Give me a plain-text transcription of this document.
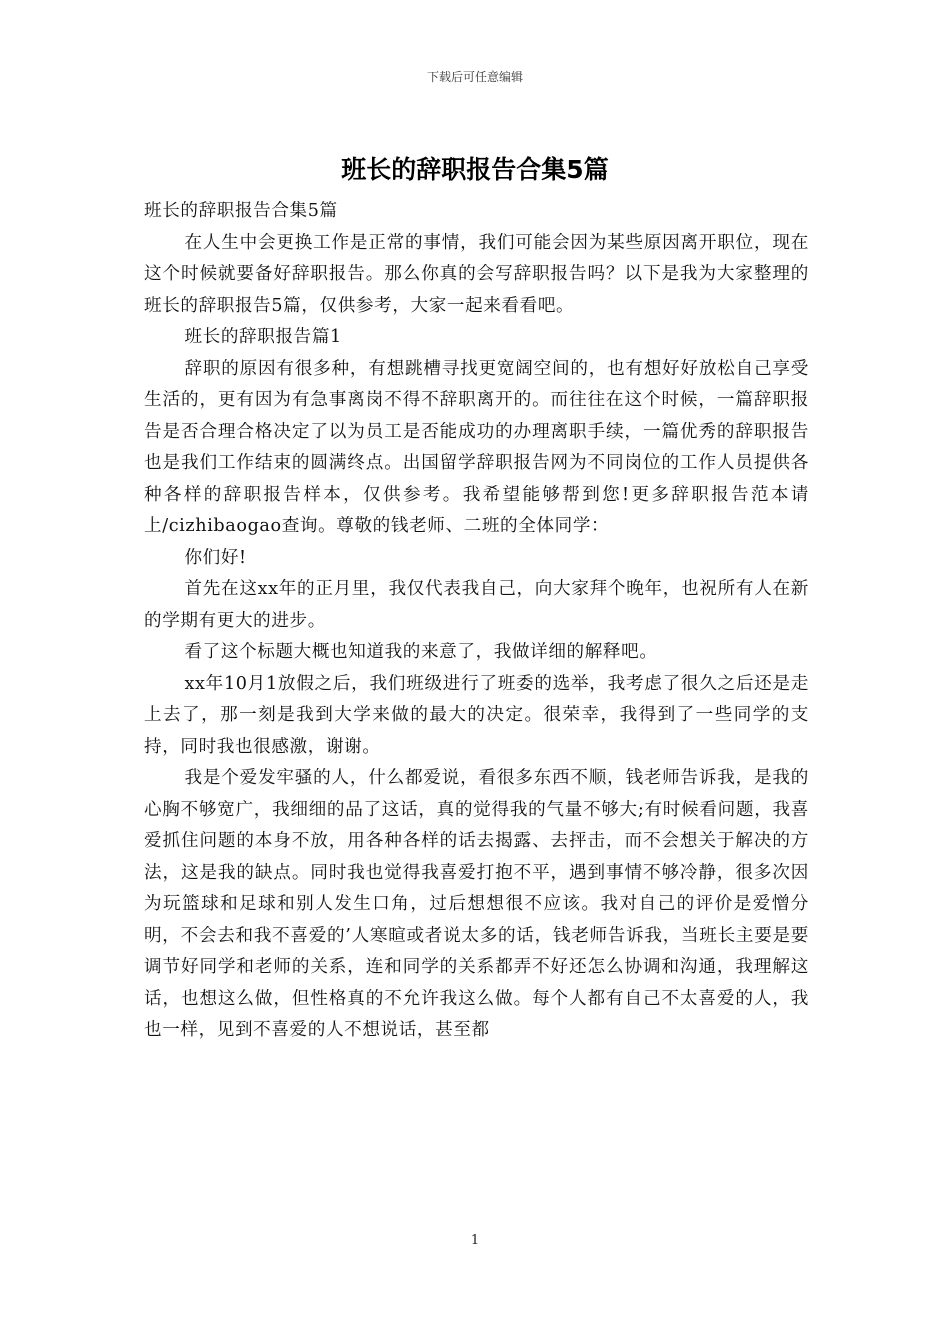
下载后可任意编辑
班长的辞职报告合集5篇

班长的辞职报告合集5篇

在人生中会更换工作是正常的事情，我们可能会因为某些原因离开职位，现在这个时候就要备好辞职报告。那么你真的会写辞职报告吗？以下是我为大家整理的班长的辞职报告5篇，仅供参考，大家一起来看看吧。

班长的辞职报告篇1

辞职的原因有很多种，有想跳槽寻找更宽阔空间的，也有想好好放松自己享受生活的，更有因为有急事离岗不得不辞职离开的。而往往在这个时候，一篇辞职报告是否合理合格决定了以为员工是否能成功的办理离职手续，一篇优秀的辞职报告也是我们工作结束的圆满终点。出国留学辞职报告网为不同岗位的工作人员提供各种各样的辞职报告样本，仅供参考。我希望能够帮到您!更多辞职报告范本请上/cizhibaogao查询。尊敬的钱老师、二班的全体同学：

你们好!

首先在这xx年的正月里，我仅代表我自己，向大家拜个晚年，也祝所有人在新的学期有更大的进步。

看了这个标题大概也知道我的来意了，我做详细的解释吧。

xx年10月1放假之后，我们班级进行了班委的选举，我考虑了很久之后还是走上去了，那一刻是我到大学来做的最大的决定。很荣幸，我得到了一些同学的支持，同时我也很感激，谢谢。

我是个爱发牢骚的人，什么都爱说，看很多东西不顺，钱老师告诉我，是我的心胸不够宽广，我细细的品了这话，真的觉得我的气量不够大;有时候看问题，我喜爱抓住问题的本身不放，用各种各样的话去揭露、去抨击，而不会想关于解决的方法，这是我的缺点。同时我也觉得我喜爱打抱不平，遇到事情不够冷静，很多次因为玩篮球和足球和别人发生口角，过后想想很不应该。我对自己的评价是爱憎分明，不会去和我不喜爱的’人寒暄或者说太多的话，钱老师告诉我，当班长主要是要调节好同学和老师的关系，连和同学的关系都弄不好还怎么协调和沟通，我理解这话，也想这么做，但性格真的不允许我这么做。每个人都有自己不太喜爱的人，我也一样，见到不喜爱的人不想说话，甚至都

1
